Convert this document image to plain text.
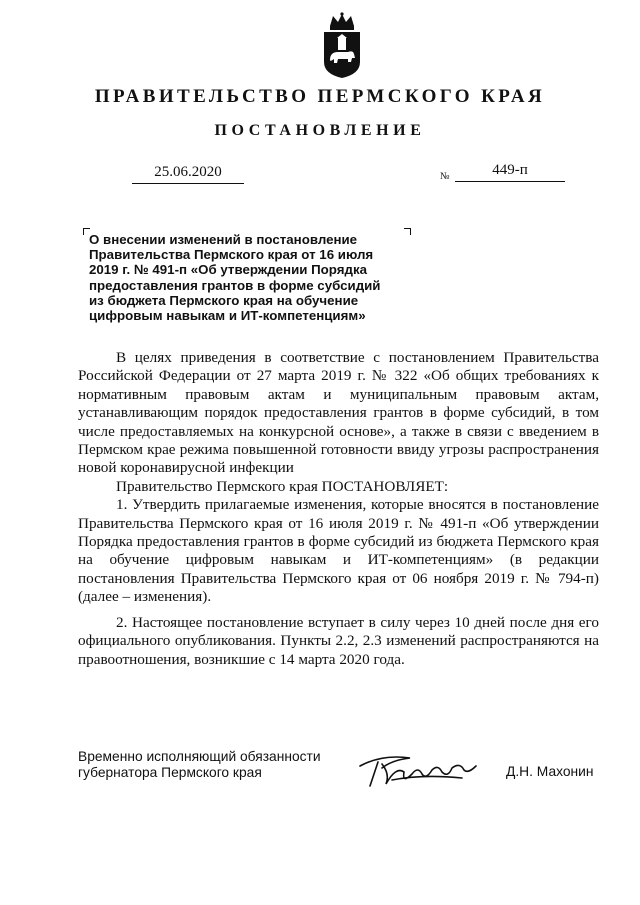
ПРАВИТЕЛЬСТВО ПЕРМСКОГО КРАЯ
ПОСТАНОВЛЕНИЕ
25.06.2020	№	449-п
О внесении изменений в постановление
Правительства Пермского края от 16 июля
2019 г. № 491-п «Об утверждении Порядка
предоставления грантов в форме субсидий
из бюджета Пермского края на обучение
цифровым навыкам и ИТ-компетенциям»

В целях приведения в соответствие с постановлением Правительства Российской Федерации от 27 марта 2019 г. № 322 «Об общих требованиях к нормативным правовым актам и муниципальным правовым актам, устанавливающим порядок предоставления грантов в форме субсидий, в том числе предоставляемых на конкурсной основе», а также в связи с введением в Пермском крае режима повышенной готовности ввиду угрозы распространения новой коронавирусной инфекции

Правительство Пермского края ПОСТАНОВЛЯЕТ:

1. Утвердить прилагаемые изменения, которые вносятся в постановление Правительства Пермского края от 16 июля 2019 г. № 491-п «Об утверждении Порядка предоставления грантов в форме субсидий из бюджета Пермского края на обучение цифровым навыкам и ИТ-компетенциям» (в редакции постановления Правительства Пермского края от 06 ноября 2019 г. № 794-п) (далее – изменения).

2. Настоящее постановление вступает в силу через 10 дней после дня его официального опубликования. Пункты 2.2, 2.3 изменений распространяются на правоотношения, возникшие с 14 марта 2020 года.

Временно исполняющий обязанности
губернатора Пермского края	Д.Н. Махонин
